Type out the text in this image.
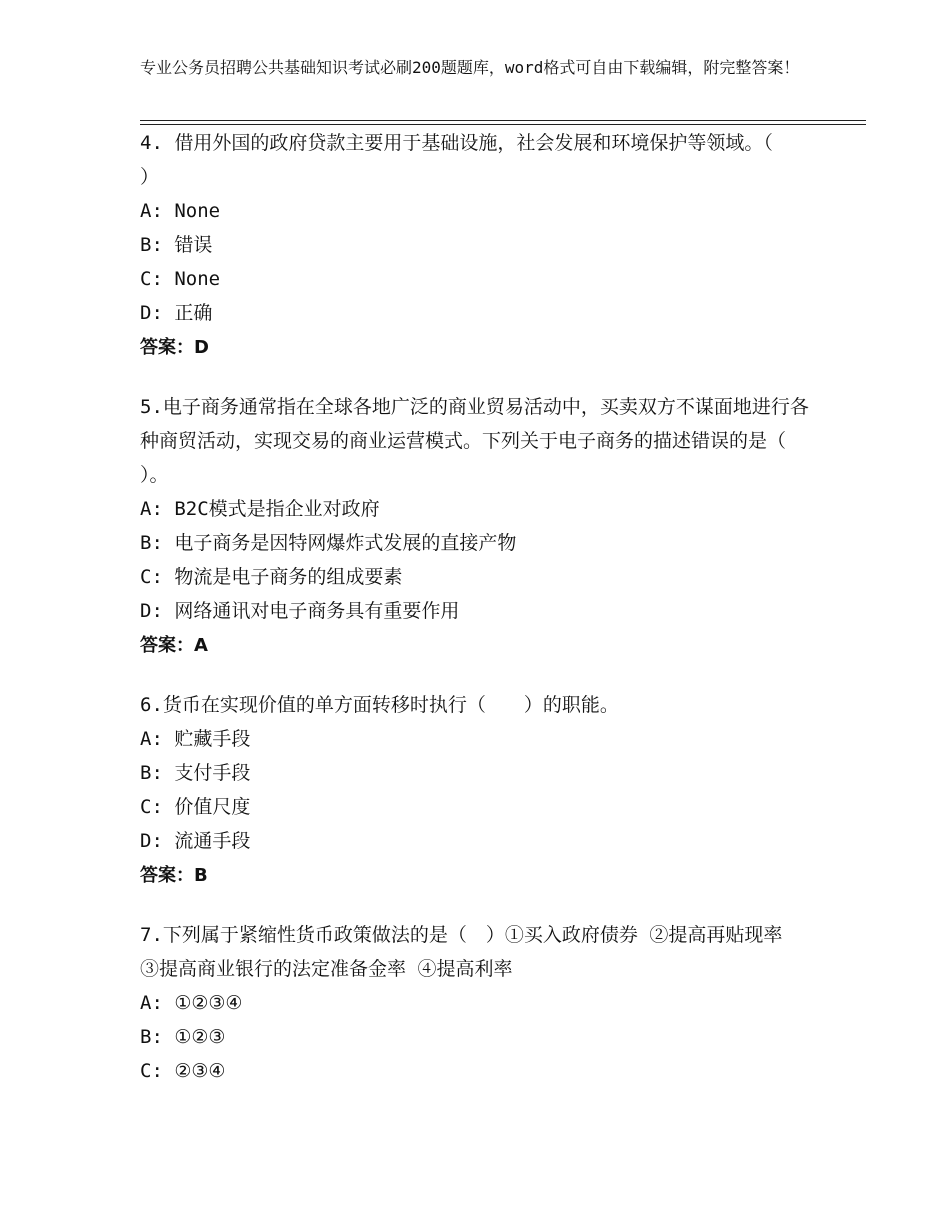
专业公务员招聘公共基础知识考试必刷200题题库，word格式可自由下载编辑，附完整答案！
4. 借用外国的政府贷款主要用于基础设施，社会发展和环境保护等领域。（　　）
A: None
B: 错误
C: None
D: 正确
答案：D
5.电子商务通常指在全球各地广泛的商业贸易活动中，买卖双方不谋面地进行各种商贸活动，实现交易的商业运营模式。下列关于电子商务的描述错误的是（　　）。
A: B2C模式是指企业对政府
B: 电子商务是因特网爆炸式发展的直接产物
C: 物流是电子商务的组成要素
D: 网络通讯对电子商务具有重要作用
答案：A
6.货币在实现价值的单方面转移时执行（　　）的职能。
A: 贮藏手段
B: 支付手段
C: 价值尺度
D: 流通手段
答案：B
7.下列属于紧缩性货币政策做法的是（　）①买入政府债券 ②提高再贴现率 ③提高商业银行的法定准备金率 ④提高利率
A: ①②③④
B: ①②③
C: ②③④
